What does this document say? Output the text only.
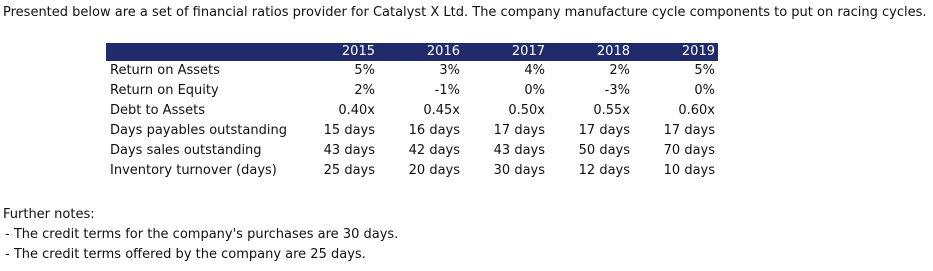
Presented below are a set of financial ratios provider for Catalyst X Ltd. The company manufacture cycle components to put on racing cycles.
	2015	2016	2017	2018	2019
Return on Assets	5%	3%	4%	2%	5%
Return on Equity	2%	-1%	0%	-3%	0%
Debt to Assets	0.40x	0.45x	0.50x	0.55x	0.60x
Days payables outstanding	15 days	16 days	17 days	17 days	17 days
Days sales outstanding	43 days	42 days	43 days	50 days	70 days
Inventory turnover (days)	25 days	20 days	30 days	12 days	10 days
Further notes:
- The credit terms for the company's purchases are 30 days.
- The credit terms offered by the company are 25 days.
